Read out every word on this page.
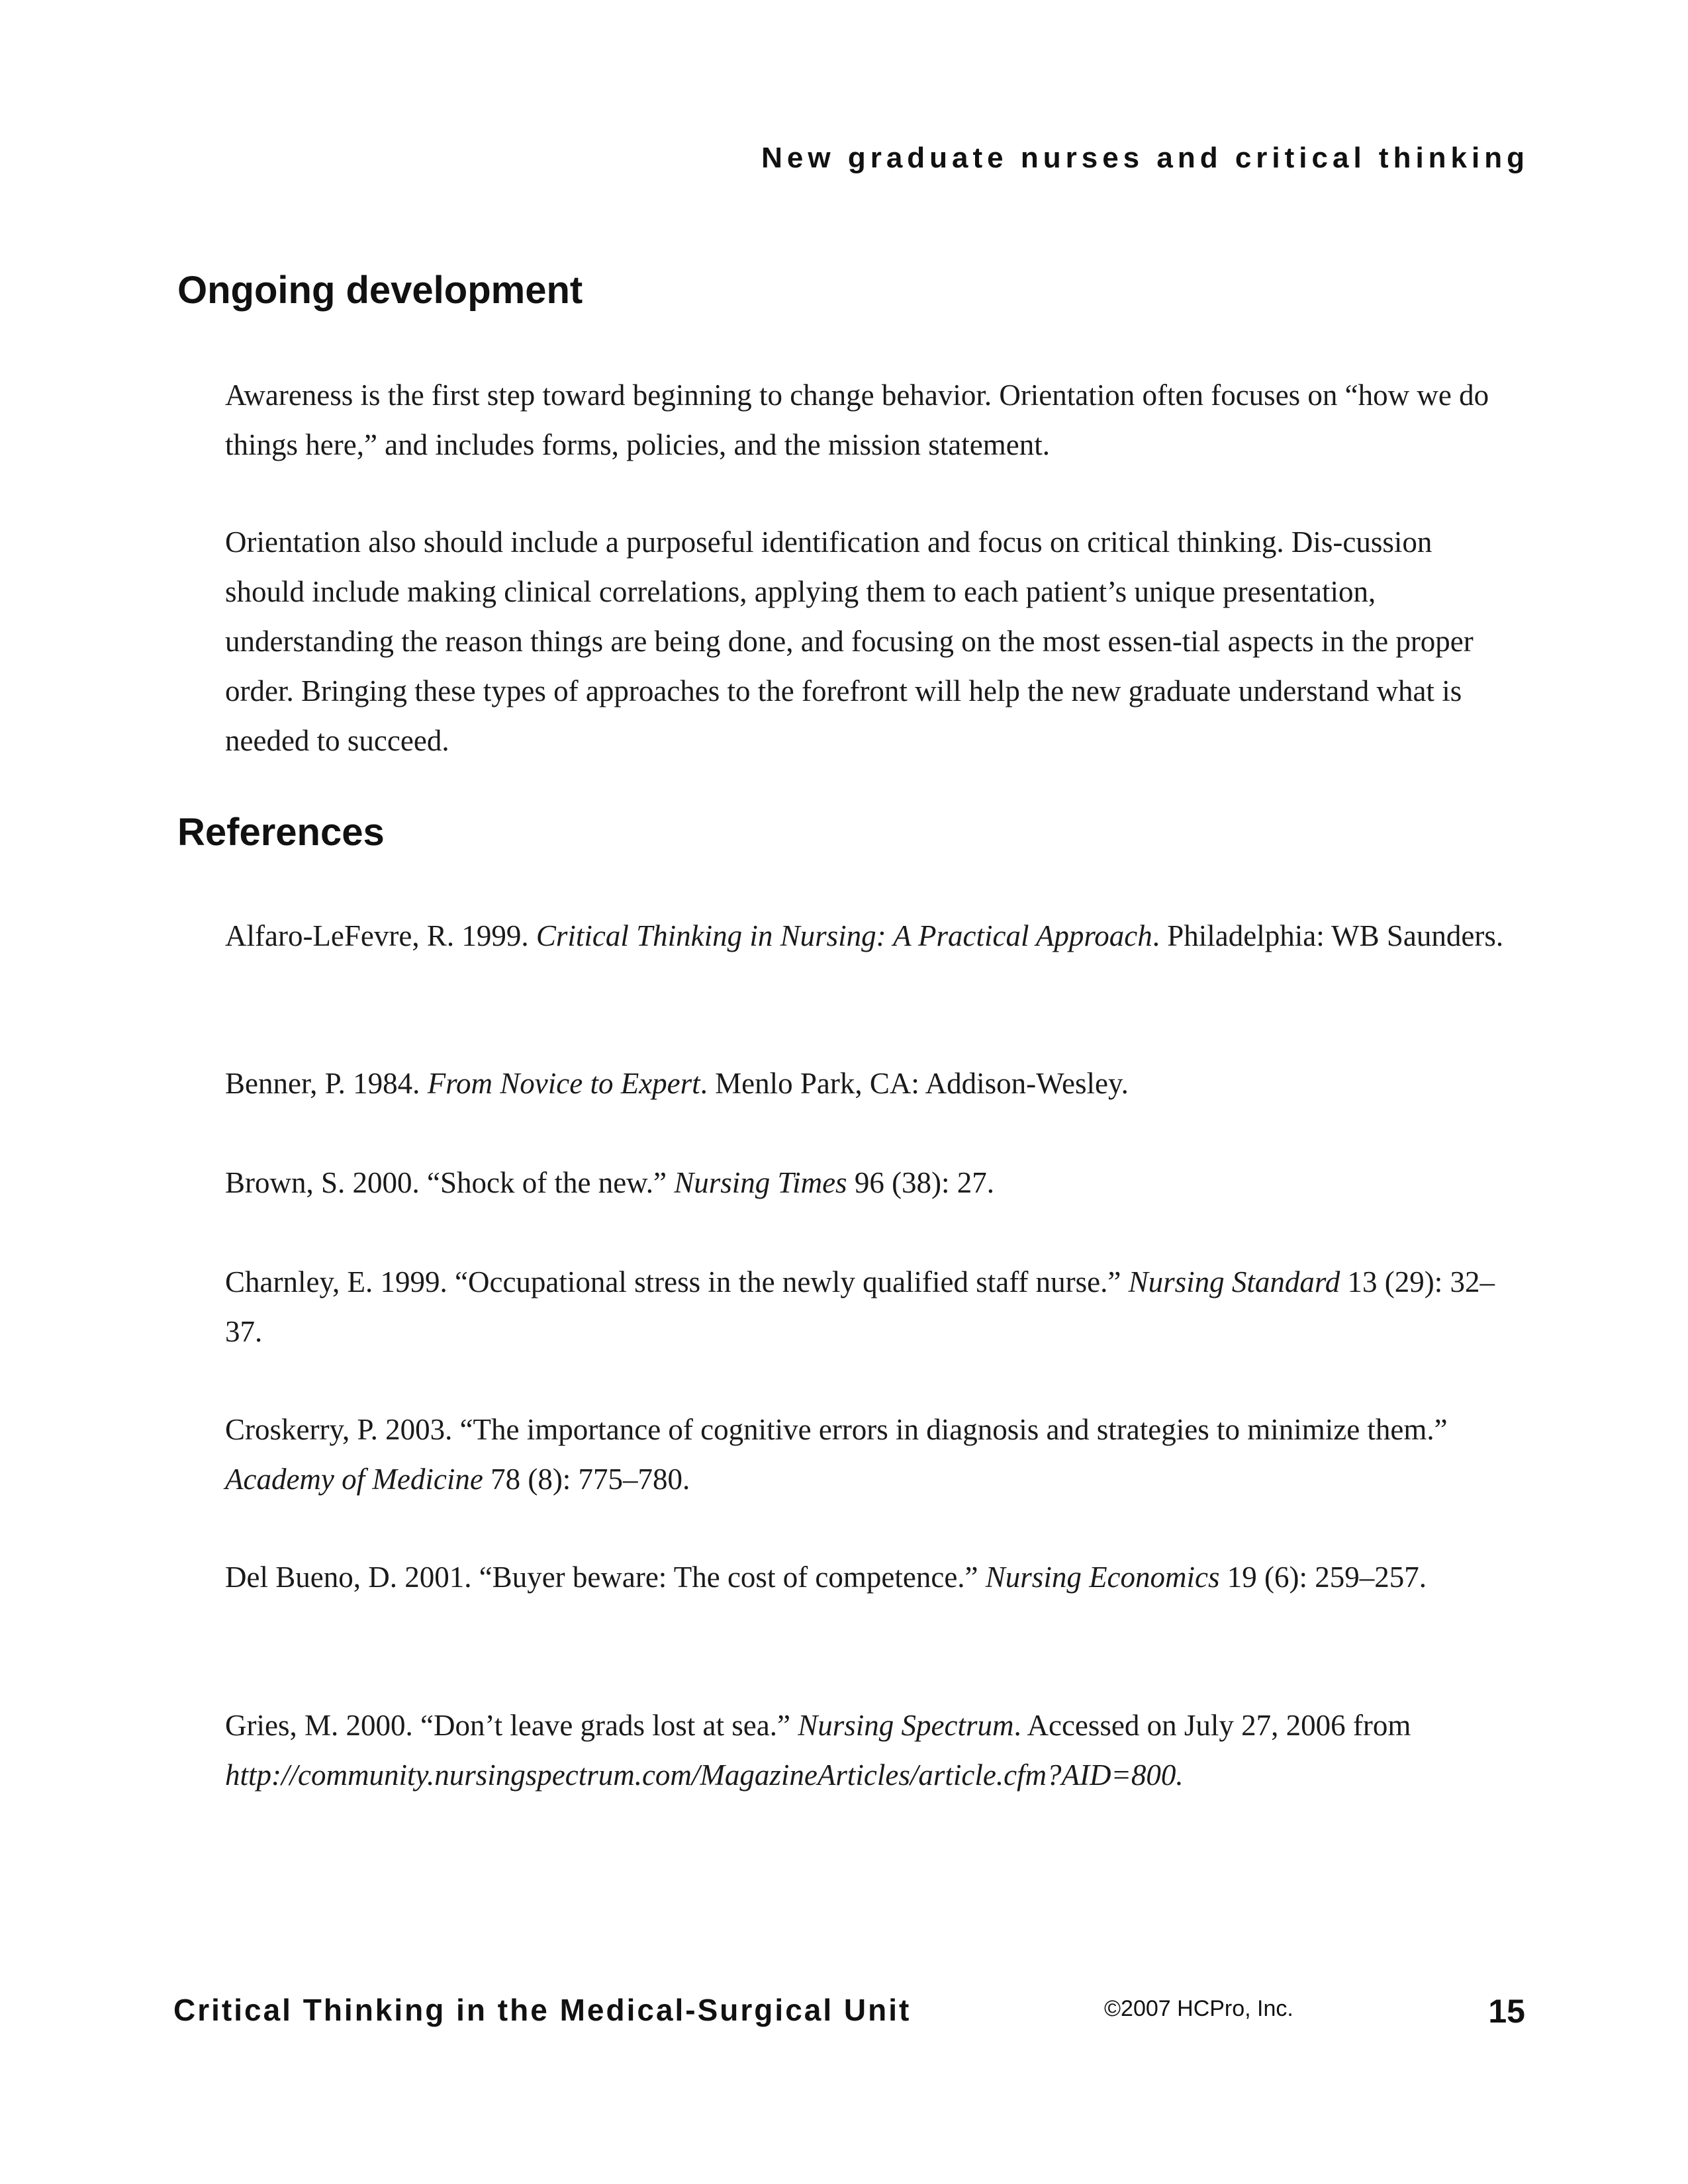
New graduate nurses and critical thinking
Ongoing development

Awareness is the first step toward beginning to change behavior. Orientation often focuses on “how we do things here,” and includes forms, policies, and the mission statement.

Orientation also should include a purposeful identification and focus on critical thinking. Dis-cussion should include making clinical correlations, applying them to each patient’s unique presentation, understanding the reason things are being done, and focusing on the most essen-tial aspects in the proper order. Bringing these types of approaches to the forefront will help the new graduate understand what is needed to succeed.

References

Alfaro-LeFevre, R. 1999. Critical Thinking in Nursing: A Practical Approach. Philadelphia: WB Saunders.

Benner, P. 1984. From Novice to Expert. Menlo Park, CA: Addison-Wesley.

Brown, S. 2000. “Shock of the new.” Nursing Times 96 (38): 27.

Charnley, E. 1999. “Occupational stress in the newly qualified staff nurse.” Nursing Standard 13 (29): 32–37.

Croskerry, P. 2003. “The importance of cognitive errors in diagnosis and strategies to minimize them.” Academy of Medicine 78 (8): 775–780.

Del Bueno, D. 2001. “Buyer beware: The cost of competence.” Nursing Economics 19 (6): 259–257.

Gries, M. 2000. “Don’t leave grads lost at sea.” Nursing Spectrum. Accessed on July 27, 2006 from http://community.nursingspectrum.com/MagazineArticles/article.cfm?AID=800.

Critical Thinking in the Medical-Surgical Unit	©2007 HCPro, Inc.	15
